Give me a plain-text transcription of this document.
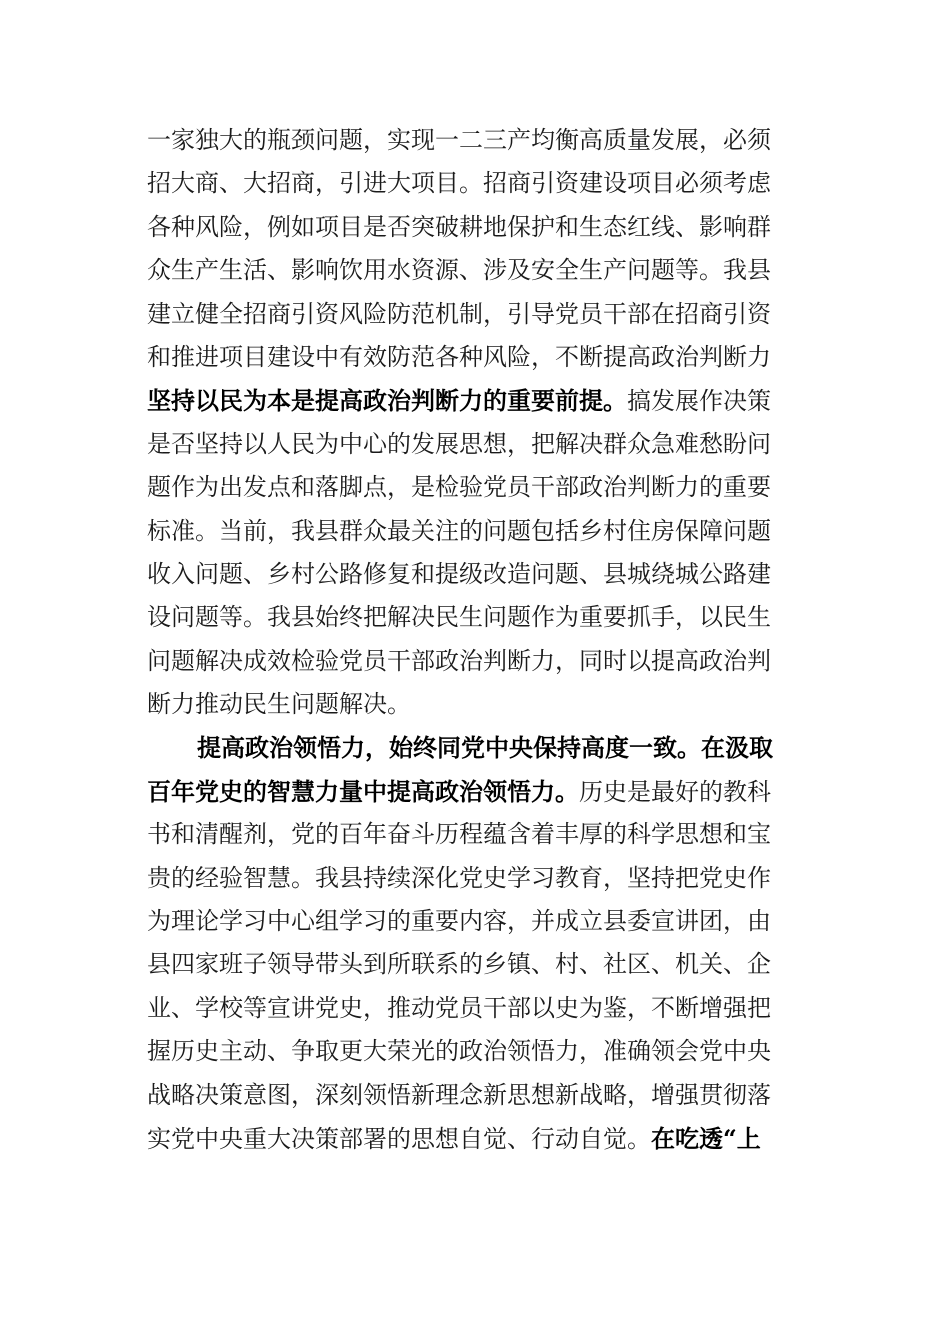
一家独大的瓶颈问题，实现一二三产均衡高质量发展，必须
招大商、大招商，引进大项目。招商引资建设项目必须考虑
各种风险，例如项目是否突破耕地保护和生态红线、影响群
众生产生活、影响饮用水资源、涉及安全生产问题等。我县
建立健全招商引资风险防范机制，引导党员干部在招商引资
和推进项目建设中有效防范各种风险，不断提高政治判断力
坚持以民为本是提高政治判断力的重要前提。搞发展作决策
是否坚持以人民为中心的发展思想，把解决群众急难愁盼问
题作为出发点和落脚点，是检验党员干部政治判断力的重要
标准。当前，我县群众最关注的问题包括乡村住房保障问题
收入问题、乡村公路修复和提级改造问题、县城绕城公路建
设问题等。我县始终把解决民生问题作为重要抓手，以民生
问题解决成效检验党员干部政治判断力，同时以提高政治判
断力推动民生问题解决。
提高政治领悟力，始终同党中央保持高度一致。在汲取
百年党史的智慧力量中提高政治领悟力。历史是最好的教科
书和清醒剂，党的百年奋斗历程蕴含着丰厚的科学思想和宝
贵的经验智慧。我县持续深化党史学习教育，坚持把党史作
为理论学习中心组学习的重要内容，并成立县委宣讲团，由
县四家班子领导带头到所联系的乡镇、村、社区、机关、企
业、学校等宣讲党史，推动党员干部以史为鉴，不断增强把
握历史主动、争取更大荣光的政治领悟力，准确领会党中央
战略决策意图，深刻领悟新理念新思想新战略，增强贯彻落
实党中央重大决策部署的思想自觉、行动自觉。在吃透“上
